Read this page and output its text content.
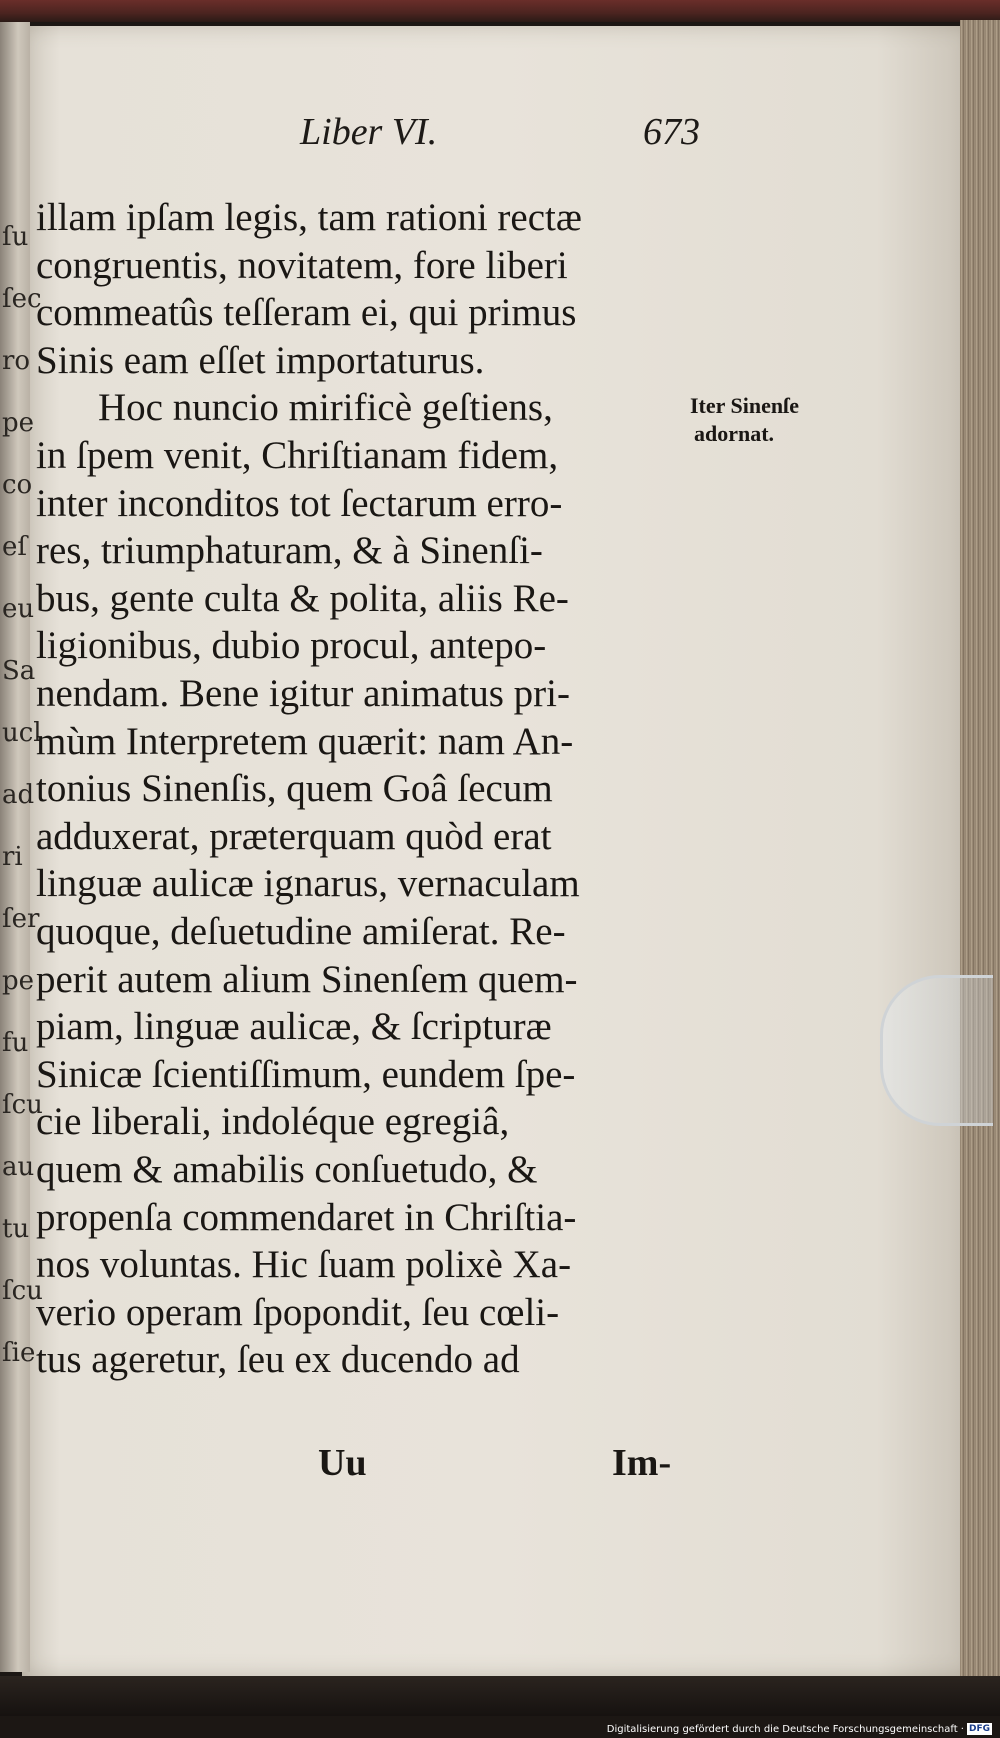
ſu
ſec
ro
pe
co
eſ
eu
Sa
ucl
ad
ri
ſer
pe
fu
ſcu
au
tu
ſcu
ſie
Liber VI.	673
illam ipſam legis, tam rationi rectæ
congruentis, novitatem, fore liberi
commeatûs teſſeram ei, qui primus
Sinis eam eſſet importaturus.
Hoc nuncio mirificè geſtiens,
in ſpem venit, Chriſtianam fidem,
inter inconditos tot ſectarum erro-
res, triumphaturam, & à Sinenſi-
bus, gente culta & polita, aliis Re-
ligionibus, dubio procul, antepo-
nendam. Bene igitur animatus pri-
mùm Interpretem quærit: nam An-
tonius Sinenſis, quem Goâ ſecum
adduxerat, præterquam quòd erat
linguæ aulicæ ignarus, vernaculam
quoque, deſuetudine amiſerat. Re-
perit autem alium Sinenſem quem-
piam, linguæ aulicæ, & ſcripturæ
Sinicæ ſcientiſſimum, eundem ſpe-
cie liberali, indoléque egregiâ,
quem & amabilis conſuetudo, &
propenſa commendaret in Chriſtia-
nos voluntas. Hic ſuam polixè Xa-
verio operam ſpopondit, ſeu cœli-
tus ageretur, ſeu ex ducendo ad
Iter Sinenſe
adornat.
Uu	Im-
Digitalisierung gefördert durch die Deutsche Forschungsgemeinschaft · DFG
